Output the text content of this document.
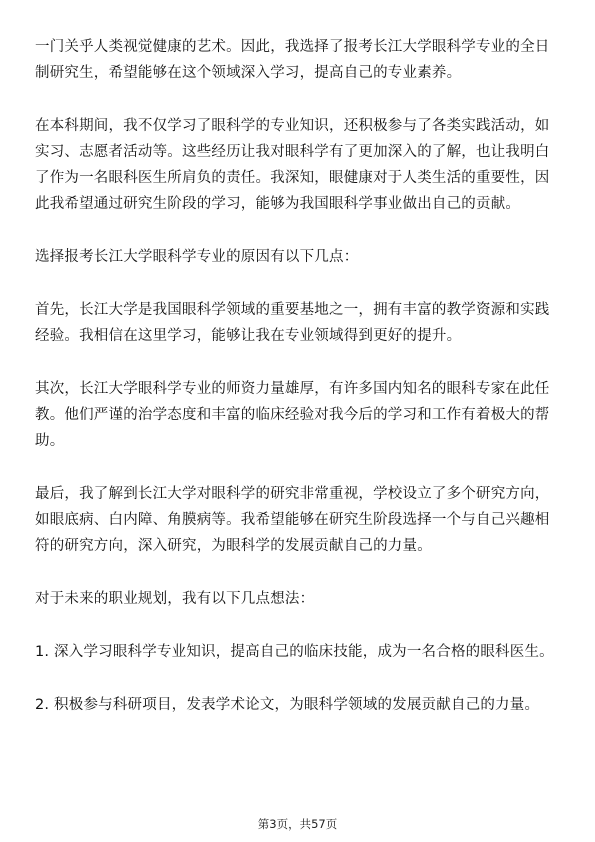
一门关乎人类视觉健康的艺术。因此，我选择了报考长江大学眼科学专业的全日制研究生，希望能够在这个领域深入学习，提高自己的专业素养。

在本科期间，我不仅学习了眼科学的专业知识，还积极参与了各类实践活动，如实习、志愿者活动等。这些经历让我对眼科学有了更加深入的了解，也让我明白了作为一名眼科医生所肩负的责任。我深知，眼健康对于人类生活的重要性，因此我希望通过研究生阶段的学习，能够为我国眼科学事业做出自己的贡献。

选择报考长江大学眼科学专业的原因有以下几点：

首先，长江大学是我国眼科学领域的重要基地之一，拥有丰富的教学资源和实践经验。我相信在这里学习，能够让我在专业领域得到更好的提升。

其次，长江大学眼科学专业的师资力量雄厚，有许多国内知名的眼科专家在此任教。他们严谨的治学态度和丰富的临床经验对我今后的学习和工作有着极大的帮助。

最后，我了解到长江大学对眼科学的研究非常重视，学校设立了多个研究方向，如眼底病、白内障、角膜病等。我希望能够在研究生阶段选择一个与自己兴趣相符的研究方向，深入研究，为眼科学的发展贡献自己的力量。

对于未来的职业规划，我有以下几点想法：

1. 深入学习眼科学专业知识，提高自己的临床技能，成为一名合格的眼科医生。

2. 积极参与科研项目，发表学术论文，为眼科学领域的发展贡献自己的力量。

第3页，共57页
